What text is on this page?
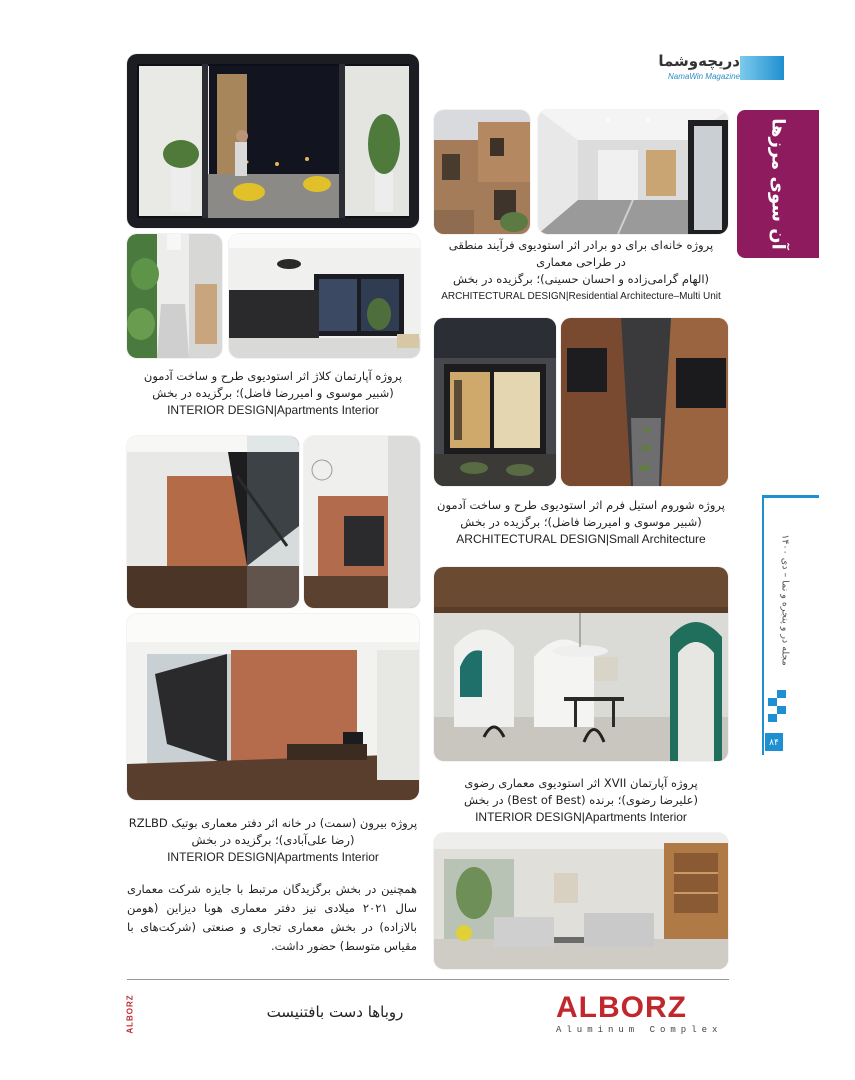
دریچه‌وشما
NamaWin Magazine
آن سوی مرزها
پروژه خانه‌ای برای دو برادر اثر استودیوی فرآیند منطقی
در طراحی معماری
(الهام گرامی‌زاده و احسان حسینی)؛ برگزیده در بخش
ARCHITECTURAL DESIGN|Residential Architecture–Multi Unit
پروژه آپارتمان کلاژ اثر استودیوی طرح و ساخت آدمون
(شبیر موسوی و امیررضا فاضل)؛ برگزیده در بخش
INTERIOR DESIGN|Apartments Interior
پروژه شوروم استیل فرم اثر استودیوی طرح و ساخت آدمون
(شبیر موسوی و امیررضا فاضل)؛ برگزیده در بخش
ARCHITECTURAL DESIGN|Small Architecture
پروژه آپارتمان XVII اثر استودیوی معماری رضوی
(علیرضا رضوی)؛ برنده (Best of Best) در بخش
INTERIOR DESIGN|Apartments Interior
پروژه بیرون (سمت) در خانه اثر دفتر معماری بوتیک RZLBD
(رضا علی‌آبادی)؛ برگزیده در بخش
INTERIOR DESIGN|Apartments Interior
همچنین در بخش برگزیدگان مرتبط با جایزه شرکت معماری سال ۲۰۲۱ میلادی نیز دفتر معماری هوبا دیزاین (هومن بالازاده) در بخش معماری تجاری و صنعتی (شرکت‌های با مقیاس متوسط) حضور داشت.
مجله در و پنجره و نما – دی ۱۴۰۰
۸۴
ALBORZ	روباها دست بافتنیست	ALBORZ
Aluminum Complex
